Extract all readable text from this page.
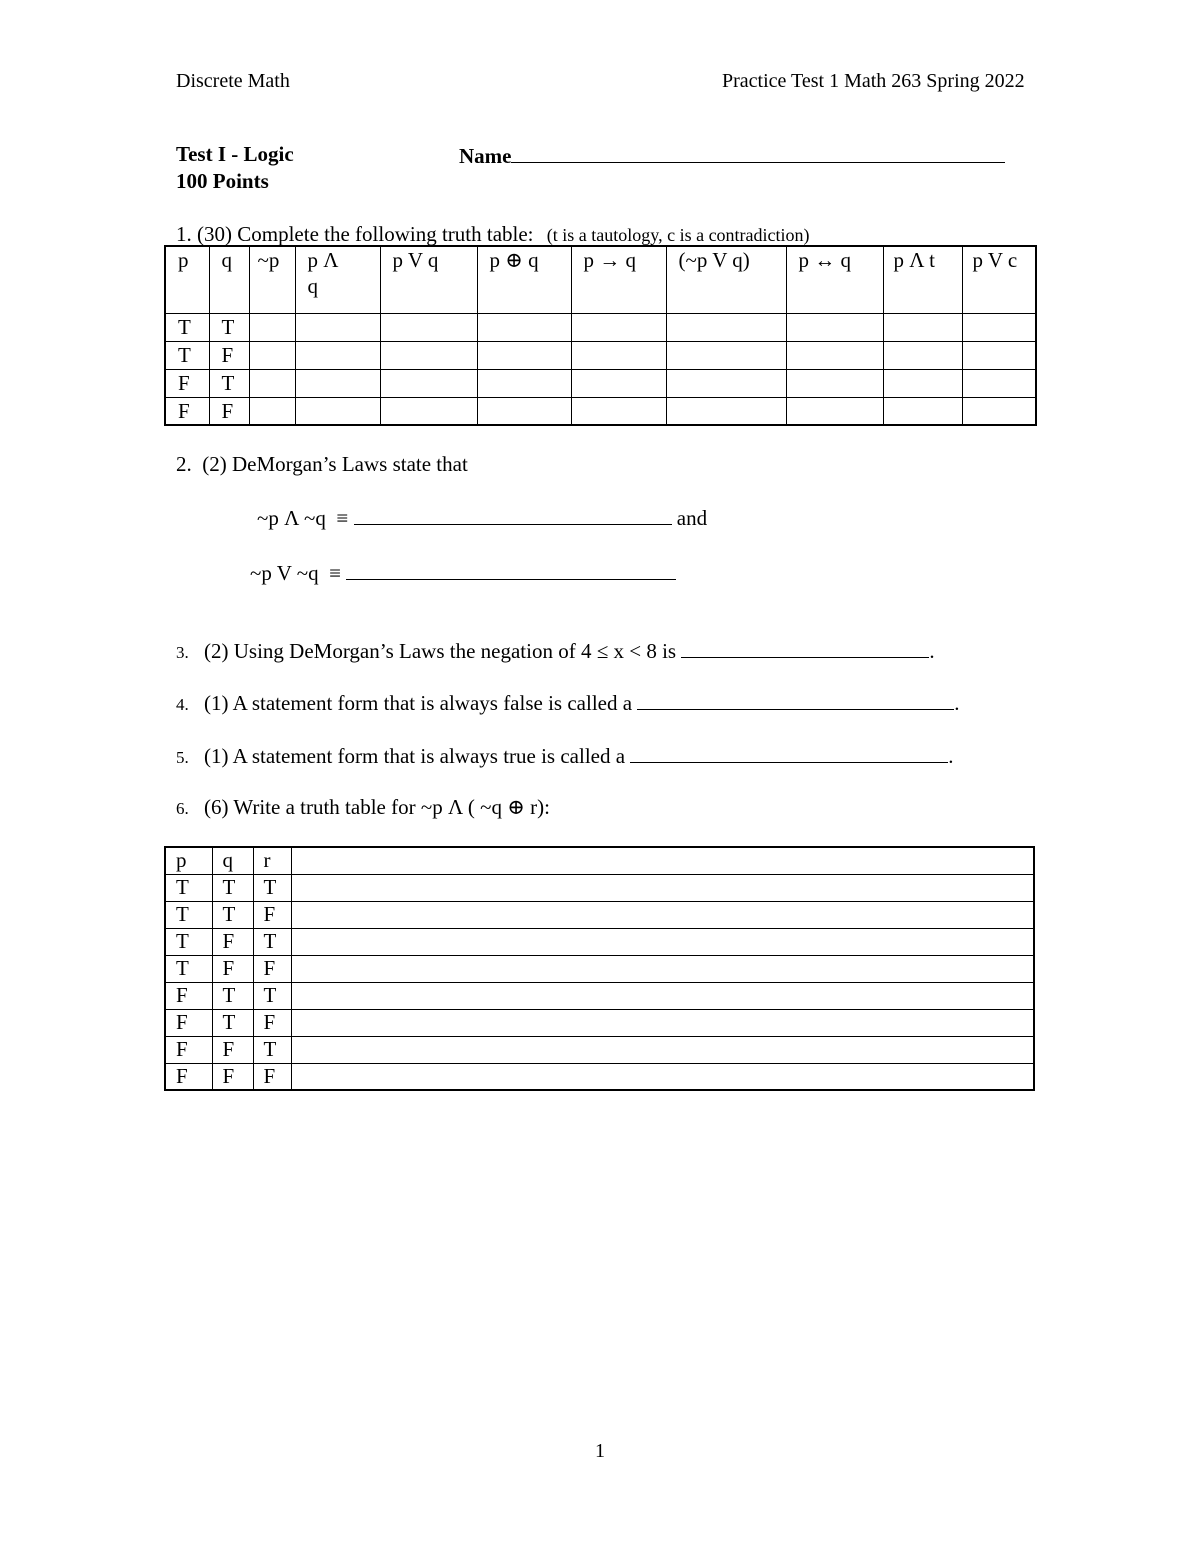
Discrete Math	Practice Test 1 Math 263 Spring 2022
Test I - Logic
100 Points
Name
1. (30) Complete the following truth table: (t is a tautology, c is a contradiction)
p	q	~p	p Λ q	p V q	p ⊕ q	p → q	(~p V q)	p ↔ q	p Λ t	p V c
T	T									
T	F									
F	T									
F	F									
2. (2) DeMorgan’s Laws state that
~p Λ ~q  ≡	and
~p V ~q  ≡
3. (2) Using DeMorgan’s Laws the negation of 4 ≤ x < 8 is	.
4. (1) A statement form that is always false is called a	.
5. (1) A statement form that is always true is called a	.
6. (6) Write a truth table for ~p Λ ( ~q ⊕ r):
p	q	r	
T	T	T	
T	T	F	
T	F	T	
T	F	F	
F	T	T	
F	T	F	
F	F	T	
F	F	F	
1
